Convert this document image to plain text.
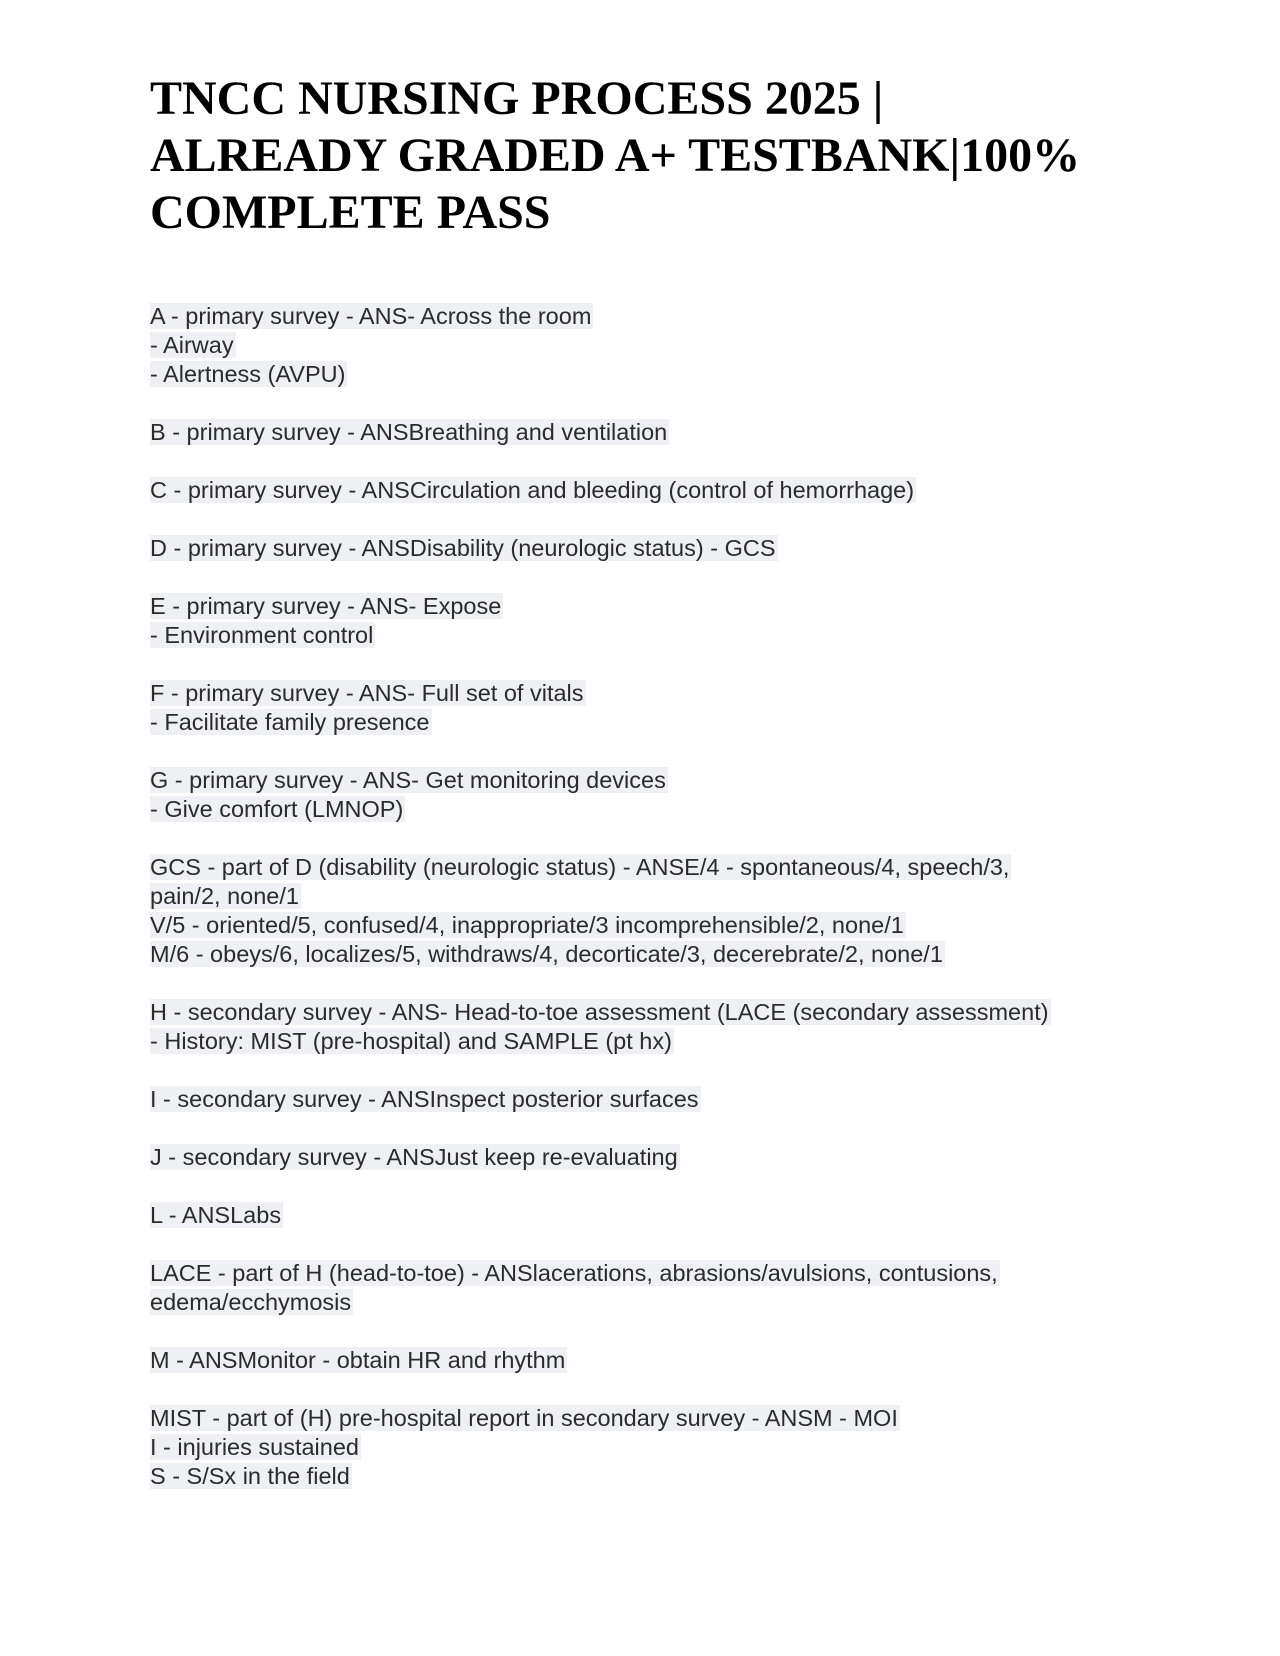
TNCC NURSING PROCESS 2025 |
ALREADY GRADED A+ TESTBANK|100%
COMPLETE PASS
A - primary survey - ANS- Across the room
- Airway
- Alertness (AVPU)
B - primary survey - ANSBreathing and ventilation
C - primary survey - ANSCirculation and bleeding (control of hemorrhage)
D - primary survey - ANSDisability (neurologic status) - GCS
E - primary survey - ANS- Expose
- Environment control
F - primary survey - ANS- Full set of vitals
- Facilitate family presence
G - primary survey - ANS- Get monitoring devices
- Give comfort (LMNOP)
GCS - part of D (disability (neurologic status) - ANSE/4 - spontaneous/4, speech/3,
pain/2, none/1
V/5 - oriented/5, confused/4, inappropriate/3 incomprehensible/2, none/1
M/6 - obeys/6, localizes/5, withdraws/4, decorticate/3, decerebrate/2, none/1
H - secondary survey - ANS- Head-to-toe assessment (LACE (secondary assessment)
- History: MIST (pre-hospital) and SAMPLE (pt hx)
I - secondary survey - ANSInspect posterior surfaces
J - secondary survey - ANSJust keep re-evaluating
L - ANSLabs
LACE - part of H (head-to-toe) - ANSlacerations, abrasions/avulsions, contusions,
edema/ecchymosis
M - ANSMonitor - obtain HR and rhythm
MIST - part of (H) pre-hospital report in secondary survey - ANSM - MOI
I - injuries sustained
S - S/Sx in the field
